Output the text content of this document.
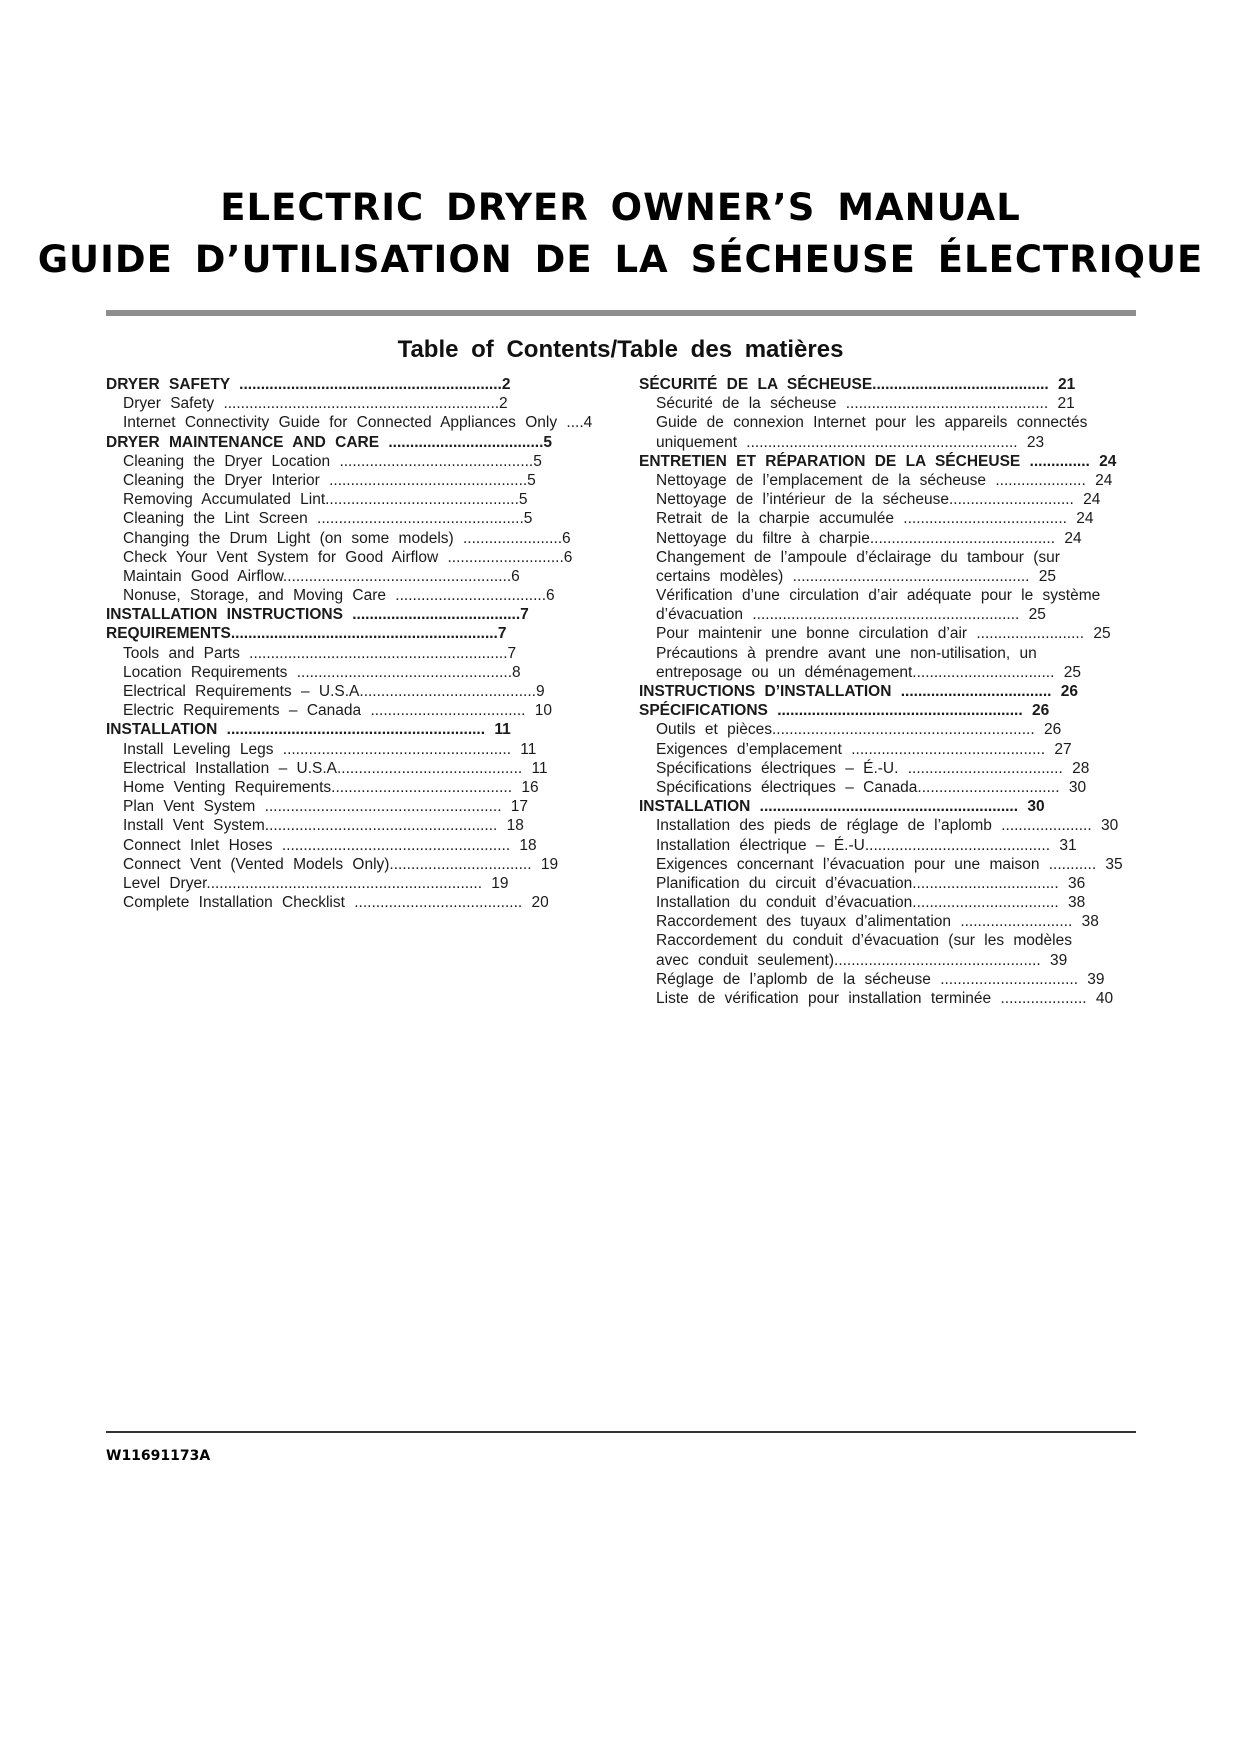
ELECTRIC DRYER OWNER’S MANUAL
GUIDE D’UTILISATION DE LA SÉCHEUSE ÉLECTRIQUE
Table of Contents/Table des matières
DRYER SAFETY .............................................................2
Dryer Safety ................................................................2
Internet Connectivity Guide for Connected Appliances Only ....4
DRYER MAINTENANCE AND CARE ....................................5
Cleaning the Dryer Location .............................................5
Cleaning the Dryer Interior ..............................................5
Removing Accumulated Lint.............................................5
Cleaning the Lint Screen ................................................5
Changing the Drum Light (on some models) .......................6
Check Your Vent System for Good Airflow ...........................6
Maintain Good Airflow.....................................................6
Nonuse, Storage, and Moving Care ...................................6
INSTALLATION INSTRUCTIONS .......................................7
REQUIREMENTS..............................................................7
Tools and Parts ............................................................7
Location Requirements ..................................................8
Electrical Requirements – U.S.A.........................................9
Electric Requirements – Canada .................................... 10
INSTALLATION ............................................................ 11
Install Leveling Legs ..................................................... 11
Electrical Installation – U.S.A........................................... 11
Home Venting Requirements.......................................... 16
Plan Vent System ....................................................... 17
Install Vent System...................................................... 18
Connect Inlet Hoses ..................................................... 18
Connect Vent (Vented Models Only)................................. 19
Level Dryer................................................................ 19
Complete Installation Checklist ....................................... 20
SÉCURITÉ DE LA SÉCHEUSE......................................... 21
Sécurité de la sécheuse ............................................... 21
Guide de connexion Internet pour les appareils connectés
uniquement ............................................................... 23
ENTRETIEN ET RÉPARATION DE LA SÉCHEUSE .............. 24
Nettoyage de l’emplacement de la sécheuse ..................... 24
Nettoyage de l’intérieur de la sécheuse............................. 24
Retrait de la charpie accumulée ...................................... 24
Nettoyage du filtre à charpie........................................... 24
Changement de l’ampoule d’éclairage du tambour (sur
certains modèles) ....................................................... 25
Vérification d’une circulation d’air adéquate pour le système
d’évacuation .............................................................. 25
Pour maintenir une bonne circulation d’air ......................... 25
Précautions à prendre avant une non-utilisation, un
entreposage ou un déménagement................................. 25
INSTRUCTIONS D’INSTALLATION ................................... 26
SPÉCIFICATIONS ......................................................... 26
Outils et pièces............................................................. 26
Exigences d’emplacement ............................................. 27
Spécifications électriques – É.-U. .................................... 28
Spécifications électriques – Canada................................. 30
INSTALLATION ............................................................ 30
Installation des pieds de réglage de l’aplomb ..................... 30
Installation électrique – É.-U........................................... 31
Exigences concernant l’évacuation pour une maison ........... 35
Planification du circuit d’évacuation.................................. 36
Installation du conduit d’évacuation.................................. 38
Raccordement des tuyaux d’alimentation .......................... 38
Raccordement du conduit d’évacuation (sur les modèles
avec conduit seulement)................................................ 39
Réglage de l’aplomb de la sécheuse ................................ 39
Liste de vérification pour installation terminée .................... 40
W11691173A
